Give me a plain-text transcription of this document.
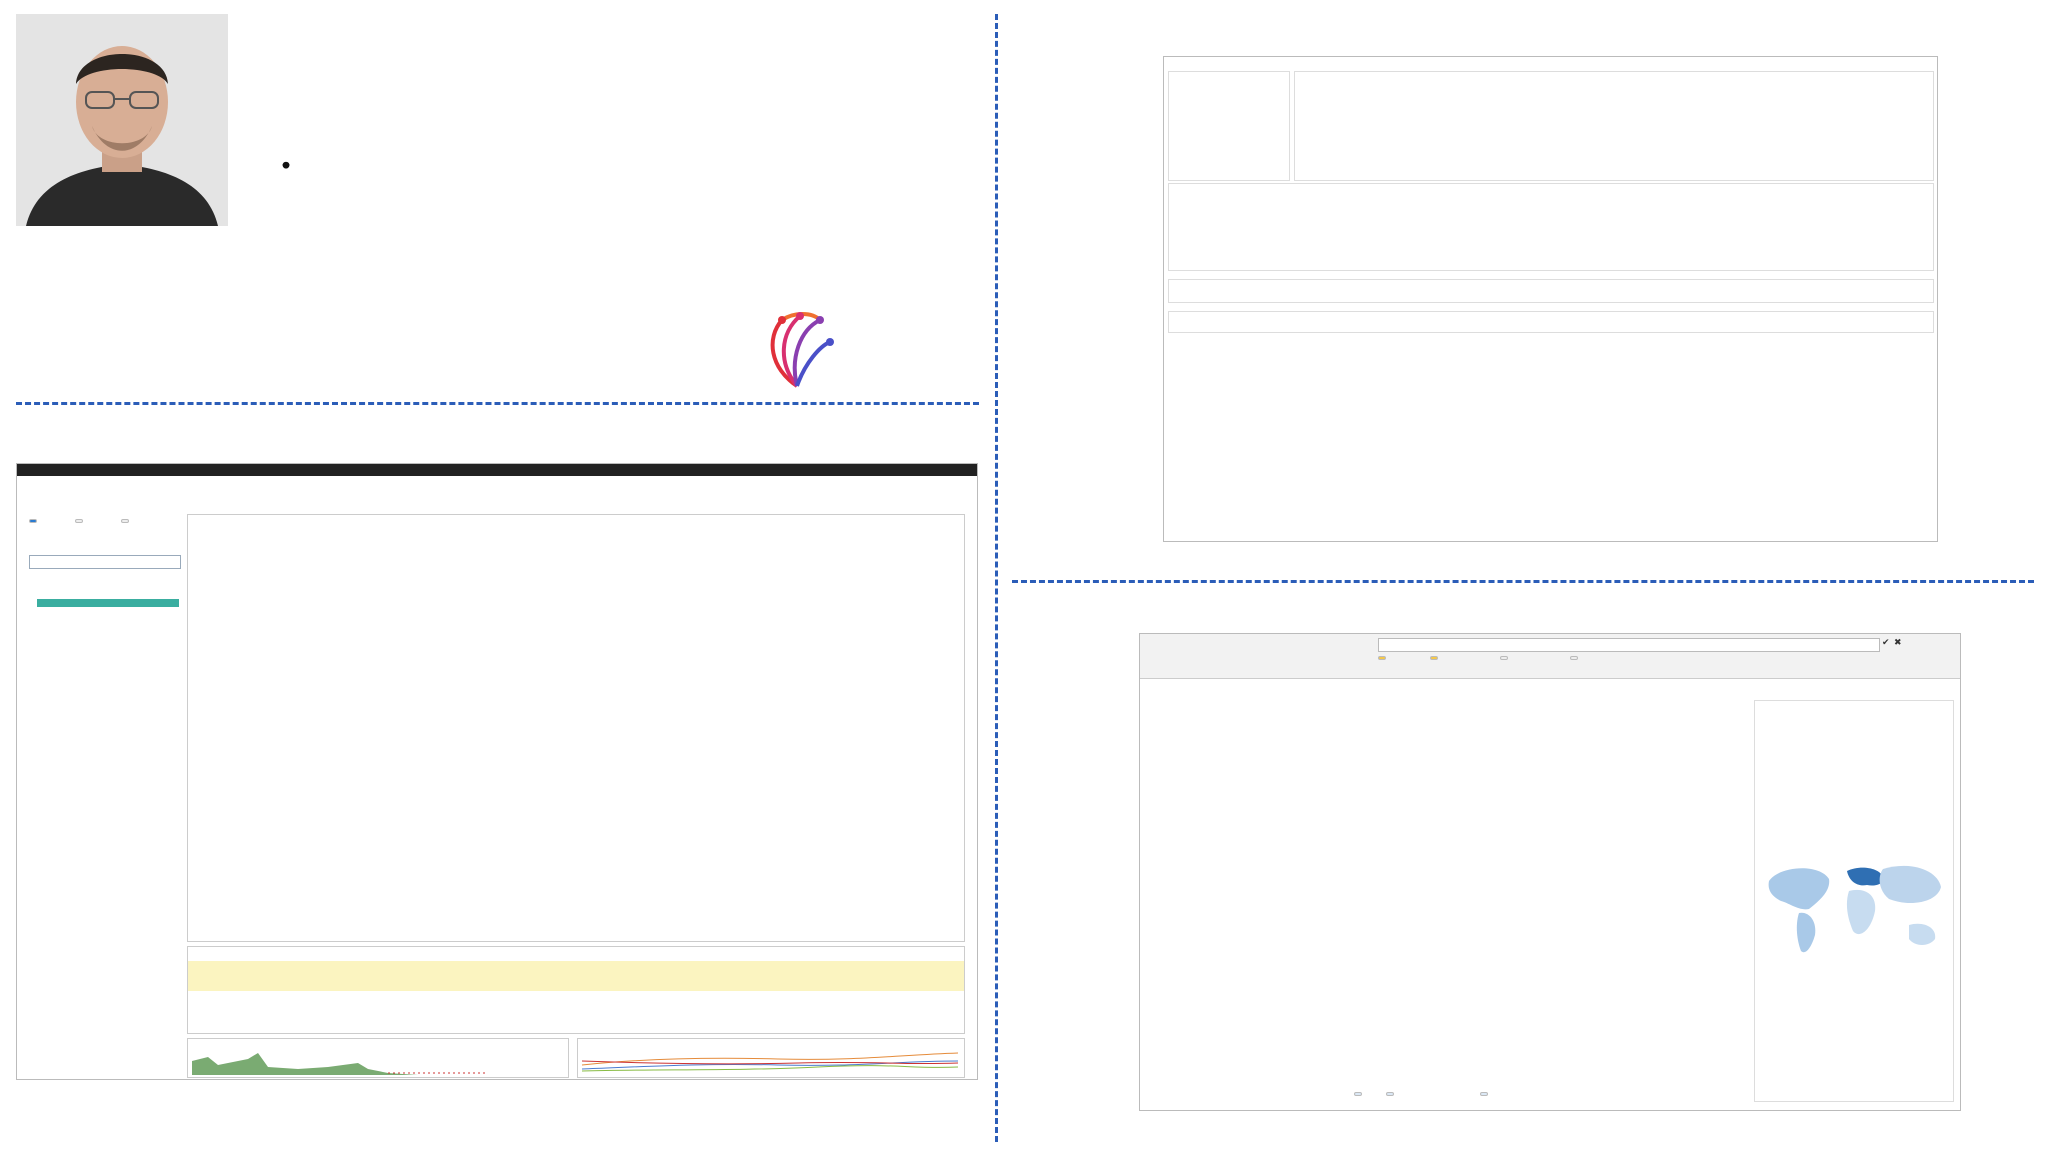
✔ ✖
